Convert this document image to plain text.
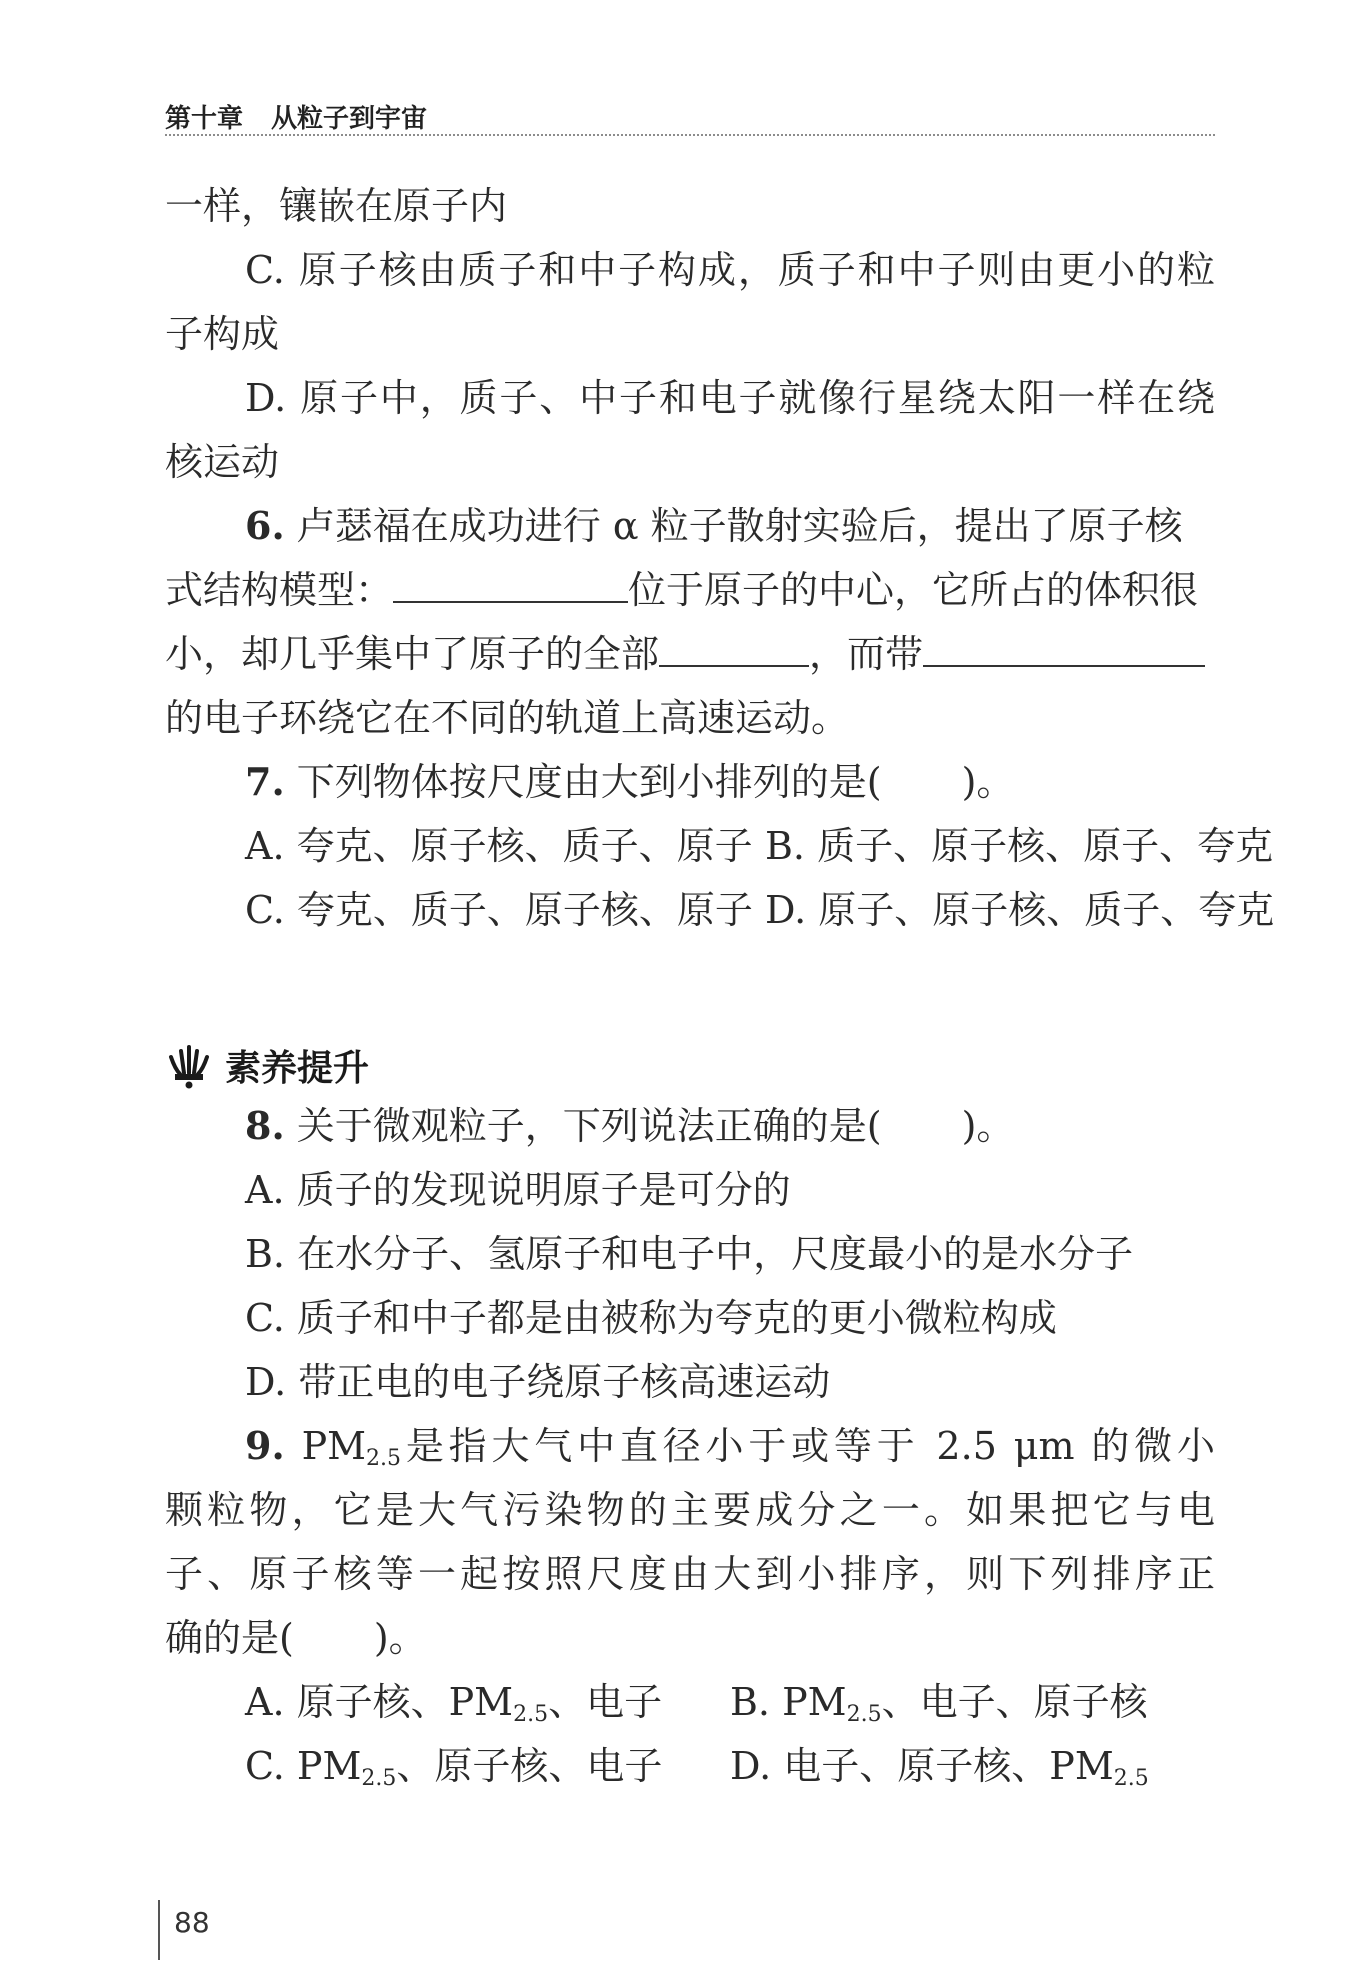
第十章 从粒子到宇宙
一样，镶嵌在原子内
C. 原子核由质子和中子构成，质子和中子则由更小的粒
子构成
D. 原子中，质子、中子和电子就像行星绕太阳一样在绕
核运动
6. 卢瑟福在成功进行 α 粒子散射实验后，提出了原子核
式结构模型：	位于原子的中心，它所占的体积很
小，却几乎集中了原子的全部	，而带
的电子环绕它在不同的轨道上高速运动。
7. 下列物体按尺度由大到小排列的是( )。
A. 夸克、原子核、质子、原子 B. 质子、原子核、原子、夸克
C. 夸克、质子、原子核、原子 D. 原子、原子核、质子、夸克
素养提升
8. 关于微观粒子，下列说法正确的是( )。
A. 质子的发现说明原子是可分的
B. 在水分子、氢原子和电子中，尺度最小的是水分子
C. 质子和中子都是由被称为夸克的更小微粒构成
D. 带正电的电子绕原子核高速运动
9. $PM_{2.5}$是指大气中直径小于或等于 2.5 μm 的微小
颗粒物，它是大气污染物的主要成分之一。如果把它与电
子、原子核等一起按照尺度由大到小排序，则下列排序正
确的是( )。
A. 原子核、$PM_{2.5}$、电子 B. $PM_{2.5}$、电子、原子核
C. $PM_{2.5}$、原子核、电子 D. 电子、原子核、$PM_{2.5}$
88
